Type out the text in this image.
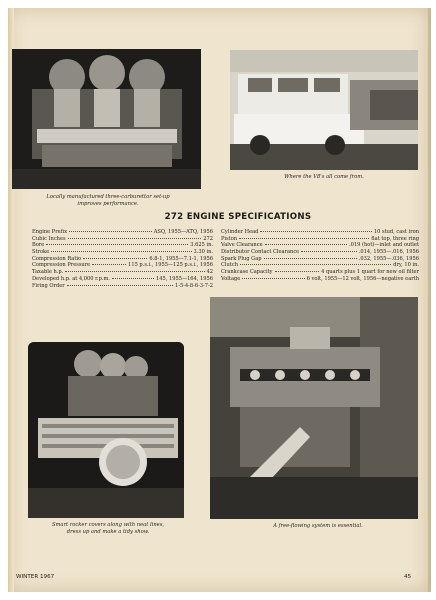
Locally manufactured three-carburettor set-up improves performance.
Where the V8's all come from.
272 ENGINE SPECIFICATIONS
Engine Prefix	ASQ, 1955—ATQ, 1956
Cubic Inches	272
Bore	3.625 in.
Stroke	3.30 in.
Compression Ratio	6.8-1, 1955—7.1-1, 1956
Compression Pressure	115 p.s.i., 1955—125 p.s.i., 1956
Taxable h.p.	42
Developed h.p. at 4,000 r.p.m.	145, 1955—164, 1956
Firing Order	1-5-4-8-6-3-7-2
Cylinder Head	10 stud, cast iron
Piston	flat top, three ring
Valve Clearance	.019 (hot)—inlet and outlet
Distributor Contact Clearance	.014, 1955—.016, 1956
Spark Plug Gap	.032, 1955—.036, 1956
Clutch	dry, 10 in.
Crankcase Capacity	4 quarts plus 1 quart for new oil filter
Voltage	6 volt, 1955—12 volt, 1956—negative earth
Smart rocker covers along with neat lines, dress up and make a tidy show.
A free-flowing system is essential.
WINTER 1967	45
